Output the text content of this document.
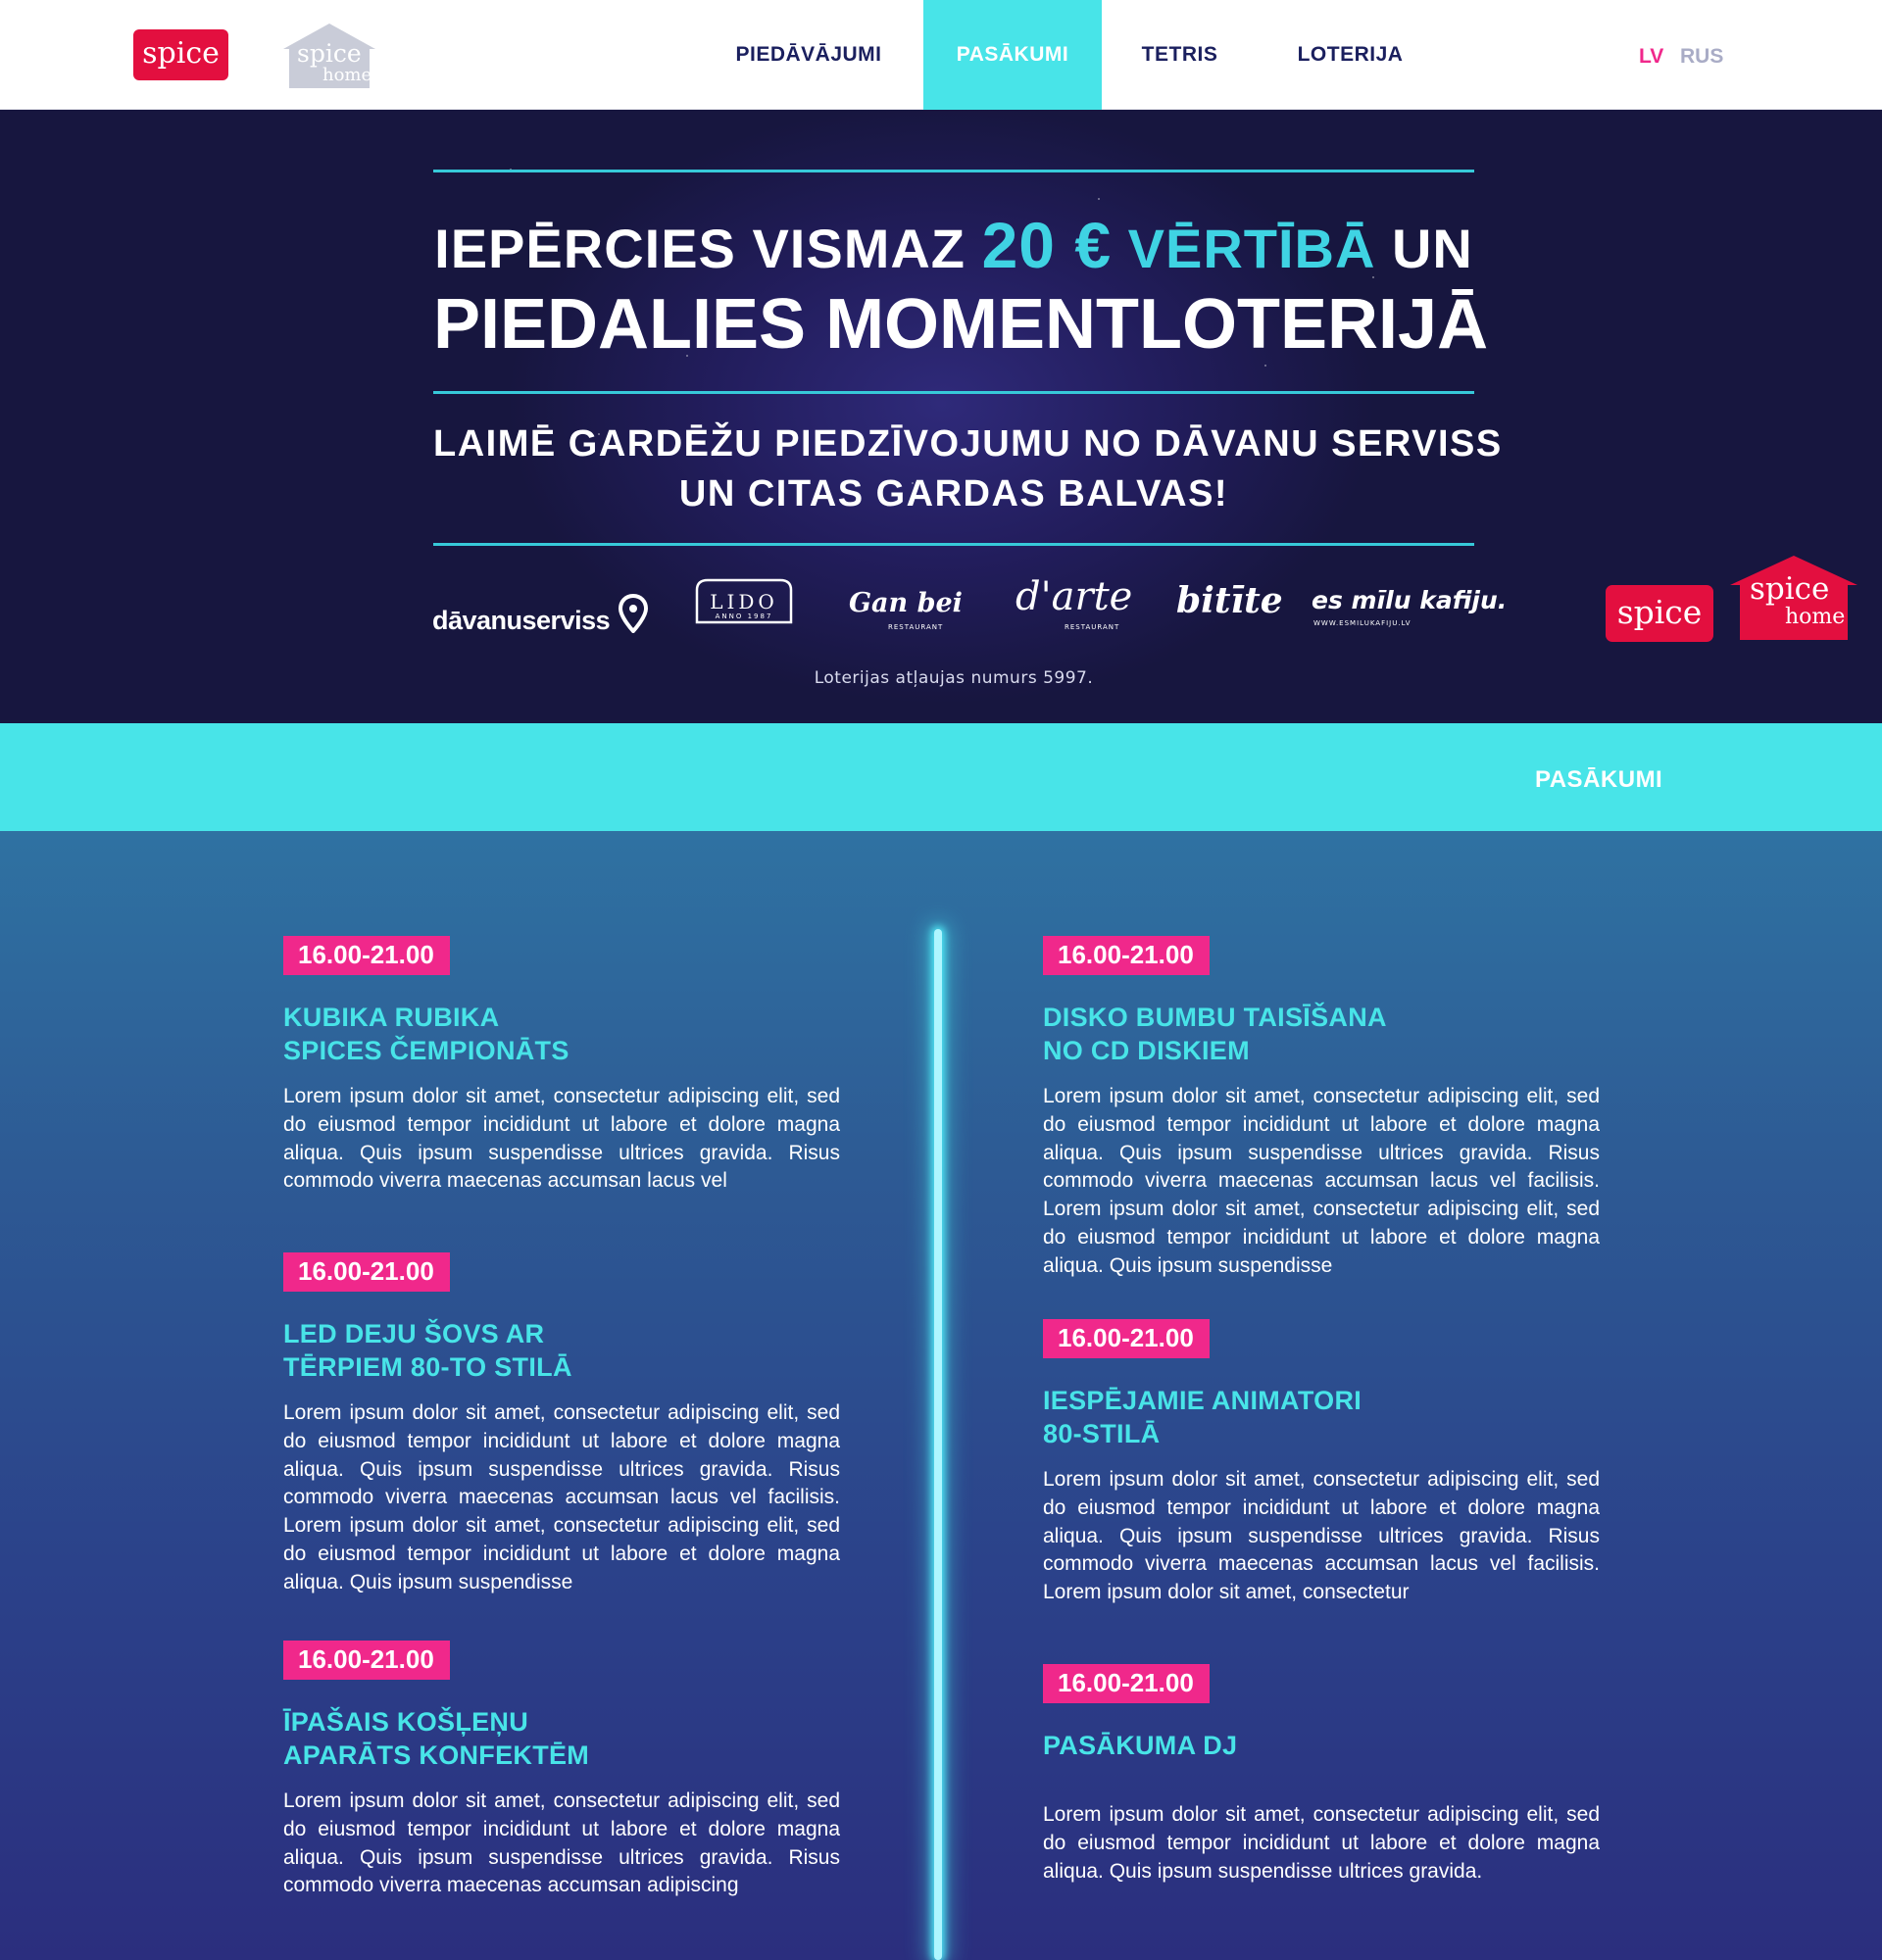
spice	spice
home
PIEDĀVĀJUMI	PASĀKUMI	TETRIS	LOTERIJA	LV RUS
IEPĒRCIES VISMAZ 20 € VĒRTĪBĀ UN
PIEDALIES MOMENTLOTERIJĀ
LAIMĒ GARDĒŽU PIEDZĪVOJUMU NO DĀVANU SERVISS
UN CITAS GARDAS BALVAS!
dāvanuserviss
LIDO
ANNO 1987	Gan bei
RESTAURANT
d'arte
RESTAURANT
bitīte es mīlu kafiju.
WWW.ESMILUKAFIJU.LV
Loterijas atļaujas numurs 5997.
spice
spice
home
PASĀKUMI
16.00-21.00
KUBIKA RUBIKA
SPICES ČEMPIONĀTS
Lorem ipsum dolor sit amet, consectetur adipiscing elit, sed do eiusmod tempor incididunt ut labore et dolore magna aliqua. Quis ipsum suspendisse ultrices gravida. Risus commodo viverra maecenas accumsan lacus vel
16.00-21.00
LED DEJU ŠOVS AR
TĒRPIEM 80-TO STILĀ
Lorem ipsum dolor sit amet, consectetur adipiscing elit, sed do eiusmod tempor incididunt ut labore et dolore magna aliqua. Quis ipsum suspendisse ultrices gravida. Risus commodo viverra maecenas accumsan lacus vel facilisis. Lorem ipsum dolor sit amet, consectetur adipiscing elit, sed do eiusmod tempor incididunt ut labore et dolore magna aliqua. Quis ipsum suspendisse
16.00-21.00
ĪPAŠAIS KOŠĻEŅU
APARĀTS KONFEKTĒM
Lorem ipsum dolor sit amet, consectetur adipiscing elit, sed do eiusmod tempor incididunt ut labore et dolore magna aliqua. Quis ipsum suspendisse ultrices gravida. Risus commodo viverra maecenas accumsan adipiscing
16.00-21.00
DISKO BUMBU TAISĪŠANA
NO CD DISKIEM
Lorem ipsum dolor sit amet, consectetur adipiscing elit, sed do eiusmod tempor incididunt ut labore et dolore magna aliqua. Quis ipsum suspendisse ultrices gravida. Risus commodo viverra maecenas accumsan lacus vel facilisis. Lorem ipsum dolor sit amet, consectetur adipiscing elit, sed do eiusmod tempor incididunt ut labore et dolore magna aliqua. Quis ipsum suspendisse
16.00-21.00
IESPĒJAMIE ANIMATORI
80-STILĀ
Lorem ipsum dolor sit amet, consectetur adipiscing elit, sed do eiusmod tempor incididunt ut labore et dolore magna aliqua. Quis ipsum suspendisse ultrices gravida. Risus commodo viverra maecenas accumsan lacus vel facilisis. Lorem ipsum dolor sit amet, consectetur
16.00-21.00
PASĀKUMA DJ
Lorem ipsum dolor sit amet, consectetur adipiscing elit, sed do eiusmod tempor incididunt ut labore et dolore magna aliqua. Quis ipsum suspendisse ultrices gravida.
